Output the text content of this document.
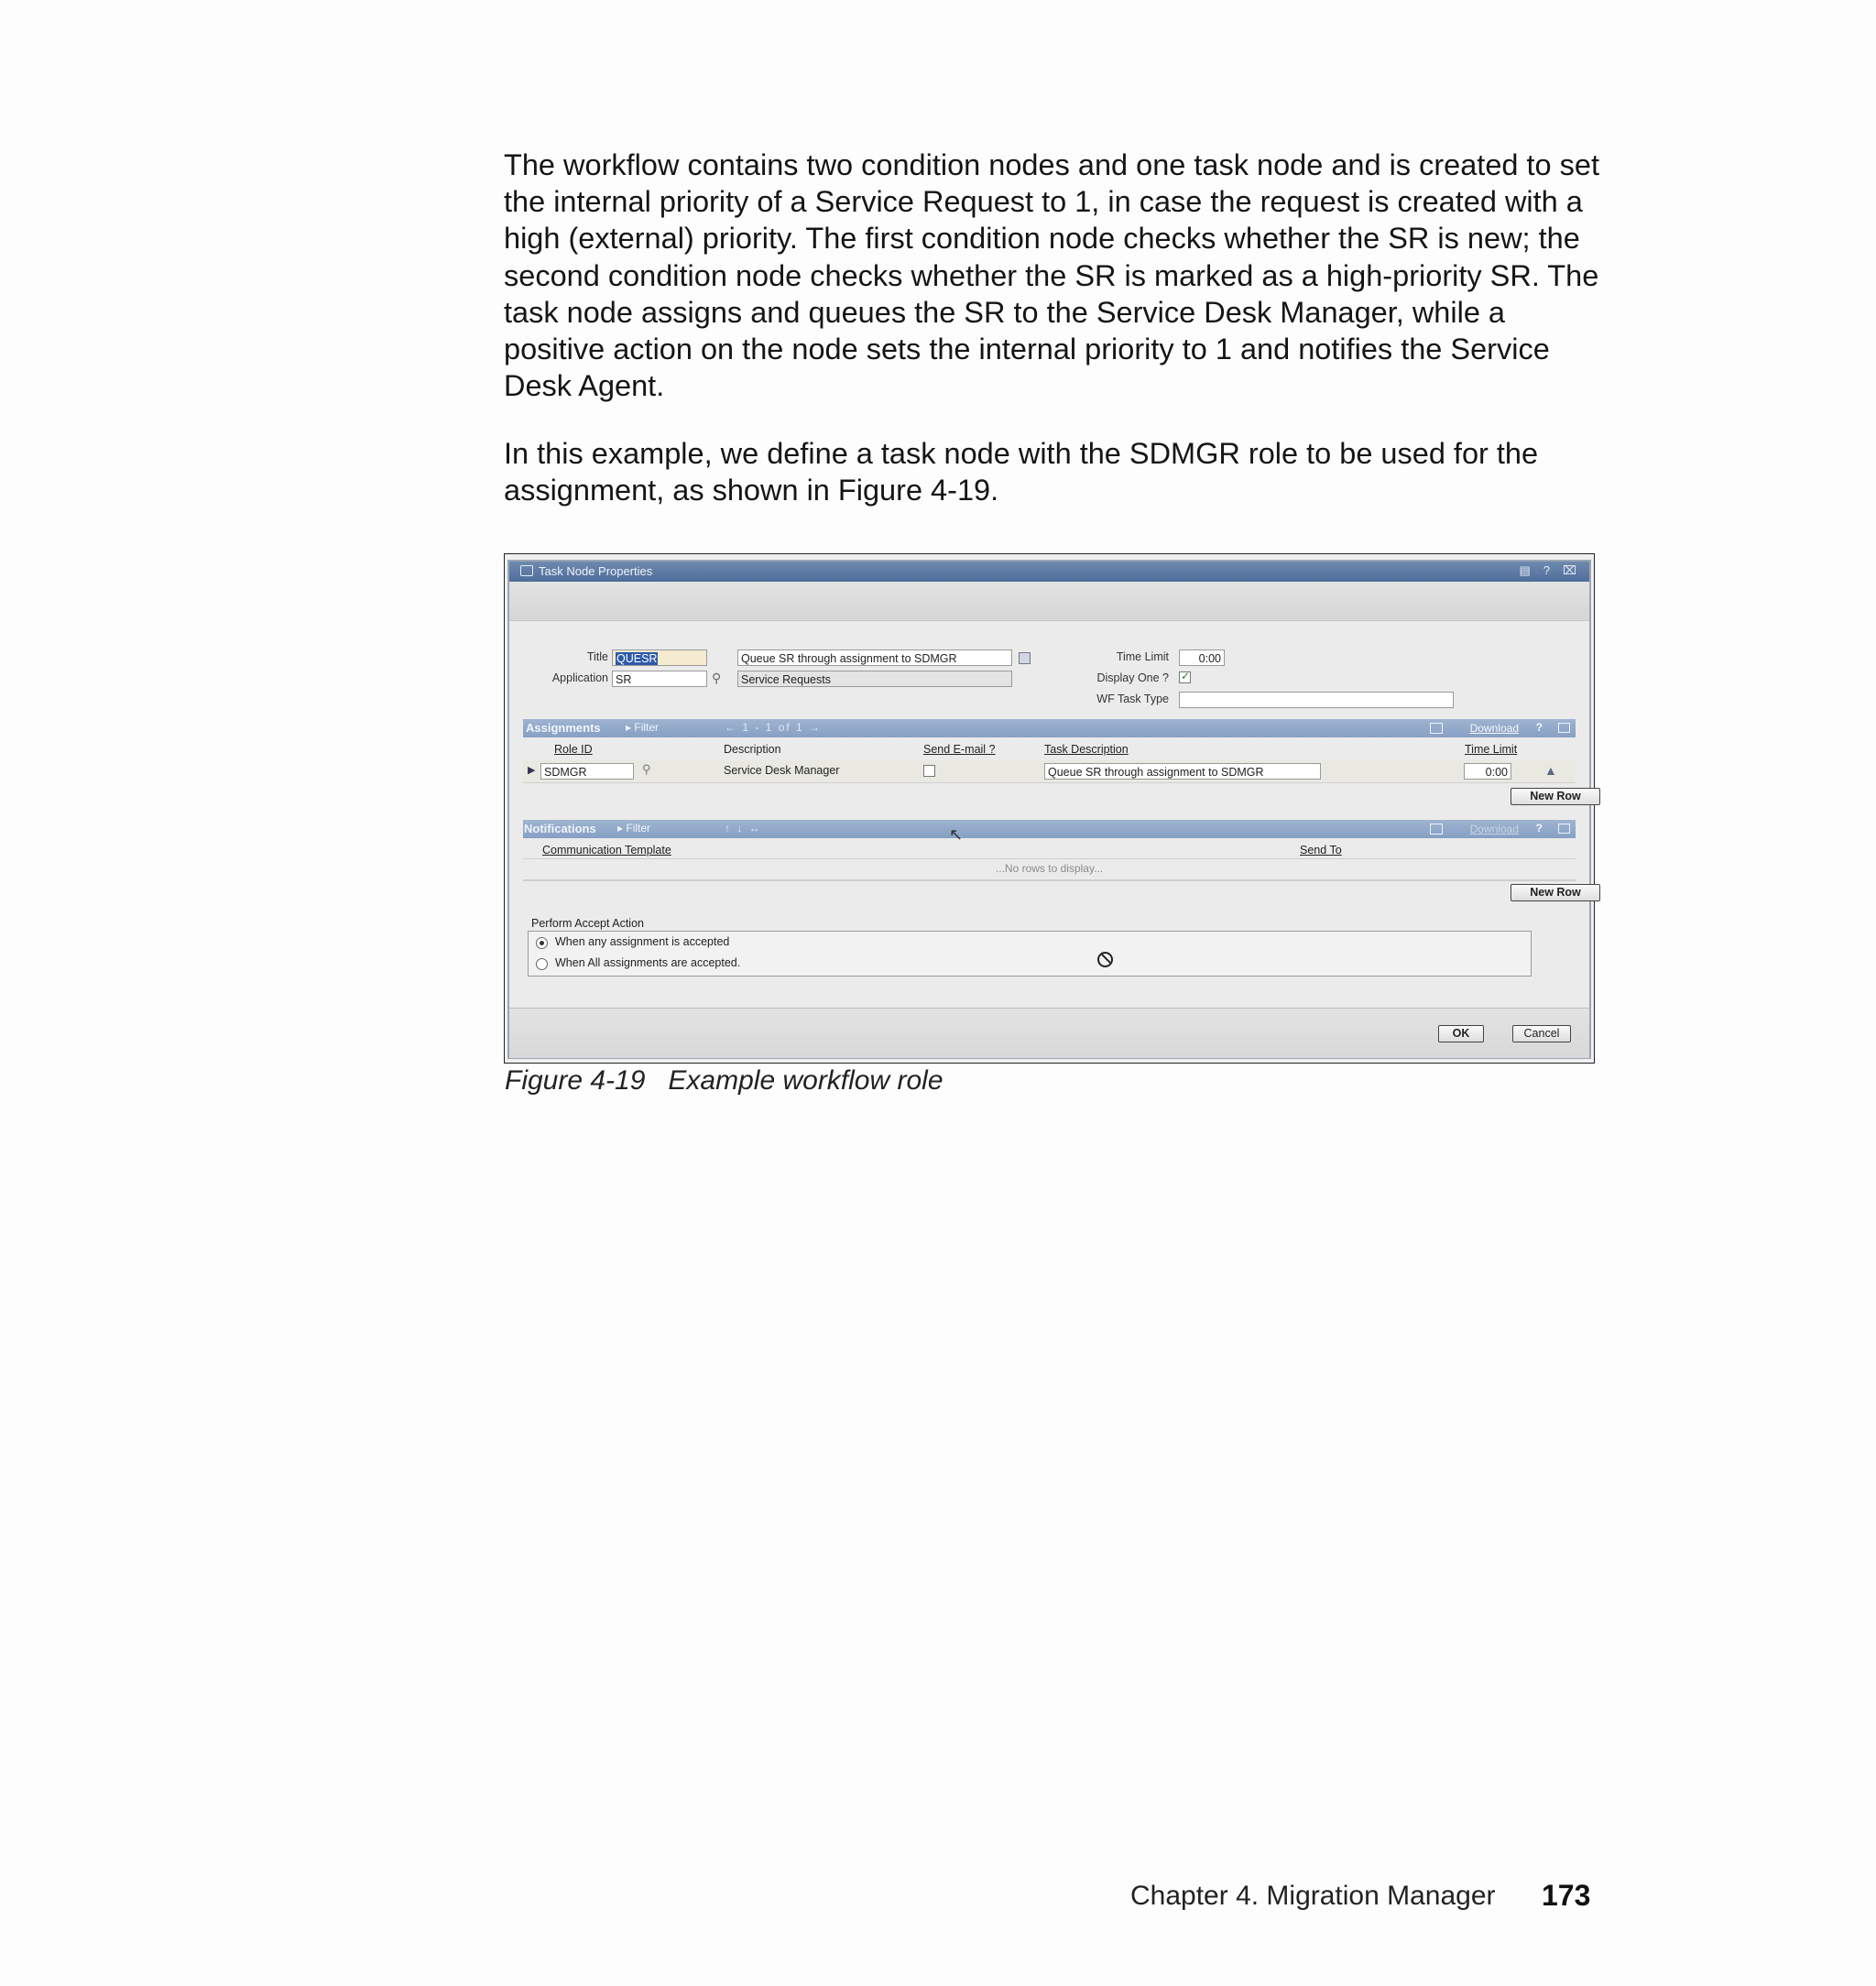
The workflow contains two condition nodes and one task node and is created to set the internal priority of a Service Request to 1, in case the request is created with a high (external) priority. The first condition node checks whether the SR is new; the second condition node checks whether the SR is marked as a high-priority SR. The task node assigns and queues the SR to the Service Desk Manager, while a positive action on the node sets the internal priority to 1 and notifies the Service Desk Agent.

In this example, we define a task node with the SDMGR role to be used for the assignment, as shown in Figure 4-19.

Task Node Properties	▤ ? ⌧
Title QUESR	Queue SR through assignment to SDMGR
Application SR	⚲	Service Requests
Time Limit	0:00
Display One ? ✓
WF Task Type
Assignments ▸ Filter	← 1 - 1 of 1 →	Download ?
Role ID	Description	Send E-mail ?	Task Description	Time Limit
▶ SDMGR	⚲	Service Desk Manager	Queue SR through assignment to SDMGR	0:00	▲
New Row
Notifications ▸ Filter	↑ ↓ ↔	Download ?
Communication Template	Send To
...No rows to display...
New Row
Perform Accept Action
When any assignment is accepted
When All assignments are accepted.
↖
OK	Cancel
Figure 4-19   Example workflow role
Chapter 4. Migration Manager 173
